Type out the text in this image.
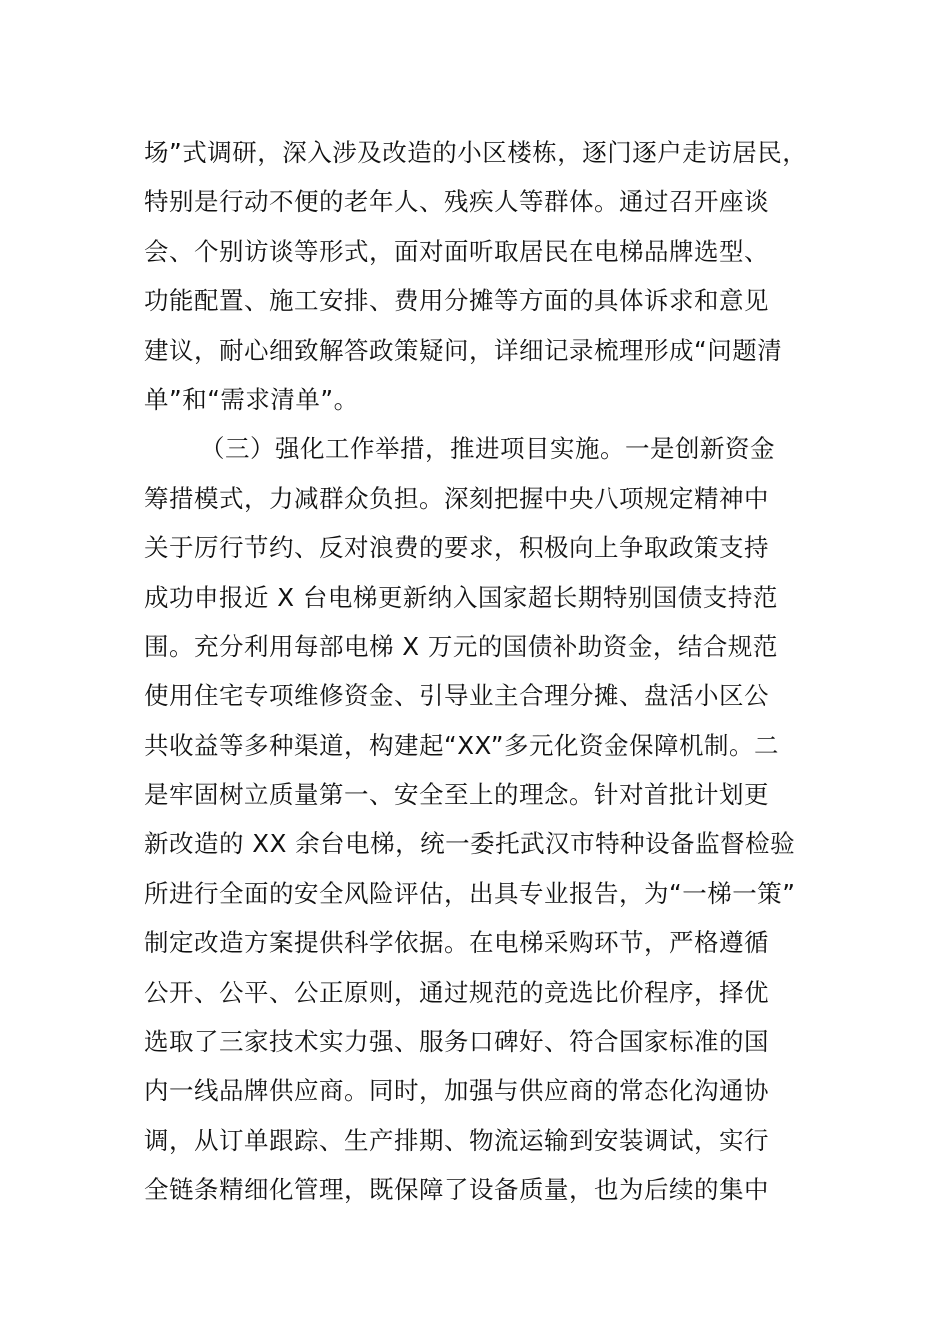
场”式调研，深入涉及改造的小区楼栋，逐门逐户走访居民，
特别是行动不便的老年人、残疾人等群体。通过召开座谈
会、个别访谈等形式，面对面听取居民在电梯品牌选型、
功能配置、施工安排、费用分摊等方面的具体诉求和意见
建议，耐心细致解答政策疑问，详细记录梳理形成“问题清
单”和“需求清单”。
（三）强化工作举措，推进项目实施。一是创新资金
筹措模式，力减群众负担。深刻把握中央八项规定精神中
关于厉行节约、反对浪费的要求，积极向上争取政策支持
成功申报近 X 台电梯更新纳入国家超长期特别国债支持范
围。充分利用每部电梯 X 万元的国债补助资金，结合规范
使用住宅专项维修资金、引导业主合理分摊、盘活小区公
共收益等多种渠道，构建起“XX”多元化资金保障机制。二
是牢固树立质量第一、安全至上的理念。针对首批计划更
新改造的 XX 余台电梯，统一委托武汉市特种设备监督检验
所进行全面的安全风险评估，出具专业报告，为“一梯一策”
制定改造方案提供科学依据。在电梯采购环节，严格遵循
公开、公平、公正原则，通过规范的竞选比价程序，择优
选取了三家技术实力强、服务口碑好、符合国家标准的国
内一线品牌供应商。同时，加强与供应商的常态化沟通协
调，从订单跟踪、生产排期、物流运输到安装调试，实行
全链条精细化管理，既保障了设备质量，也为后续的集中
